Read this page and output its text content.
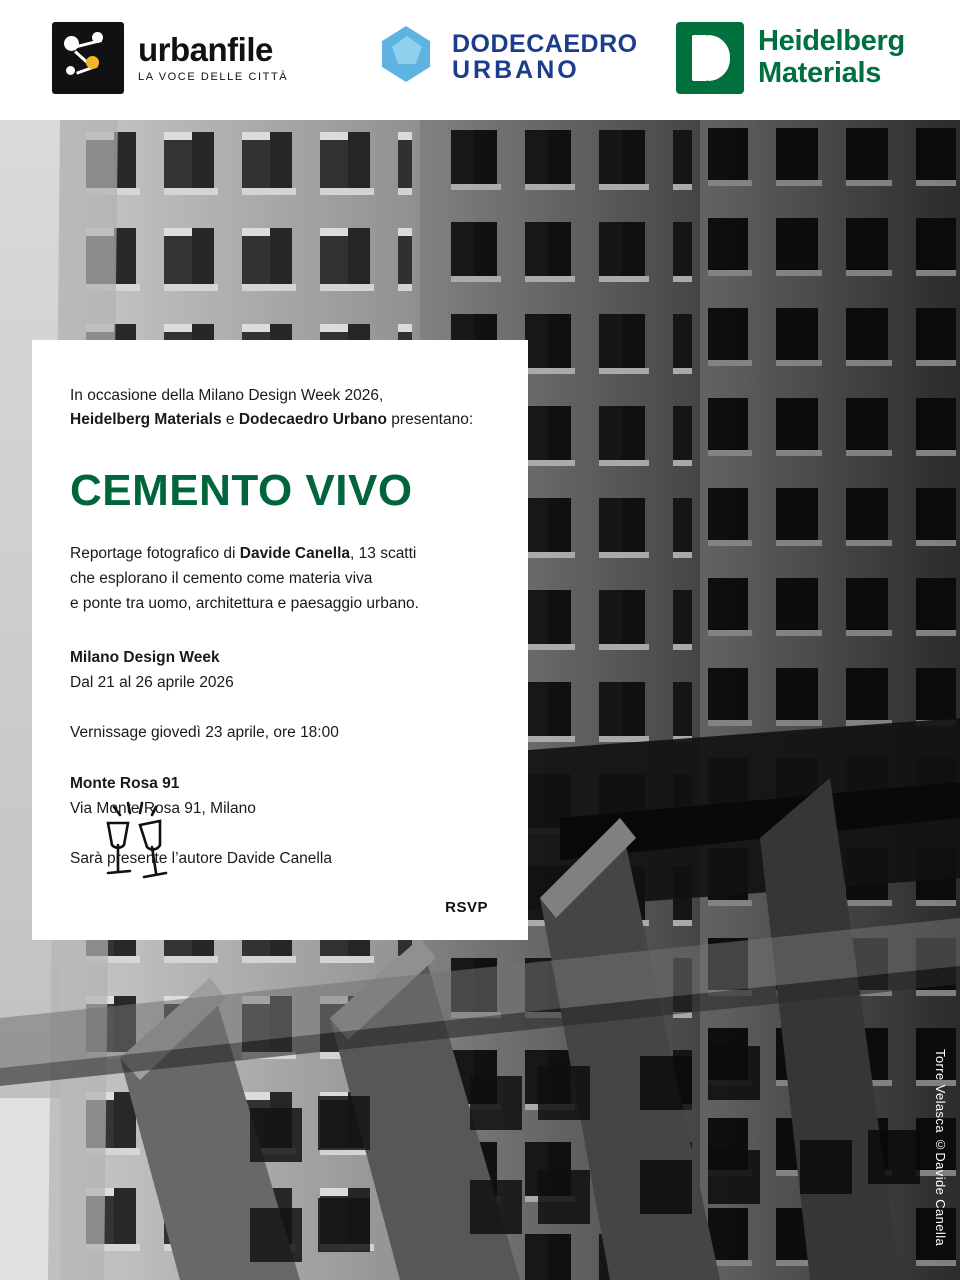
urbanfile
LA VOCE DELLE CITTÀ
DODECAEDRO
URBANO
Heidelberg
Materials
In occasione della Milano Design Week 2026,
Heidelberg Materials e Dodecaedro Urbano presentano:
CEMENTO VIVO
Reportage fotografico di Davide Canella, 13 scatti
che esplorano il cemento come materia viva
e ponte tra uomo, architettura e paesaggio urbano.
Milano Design Week
Dal 21 al 26 aprile 2026
Vernissage giovedì 23 aprile, ore 18:00
Monte Rosa 91
Via Monte Rosa 91, Milano
Sarà presente l’autore Davide Canella
RSVP
Torre Velasca ©Davide Canella
